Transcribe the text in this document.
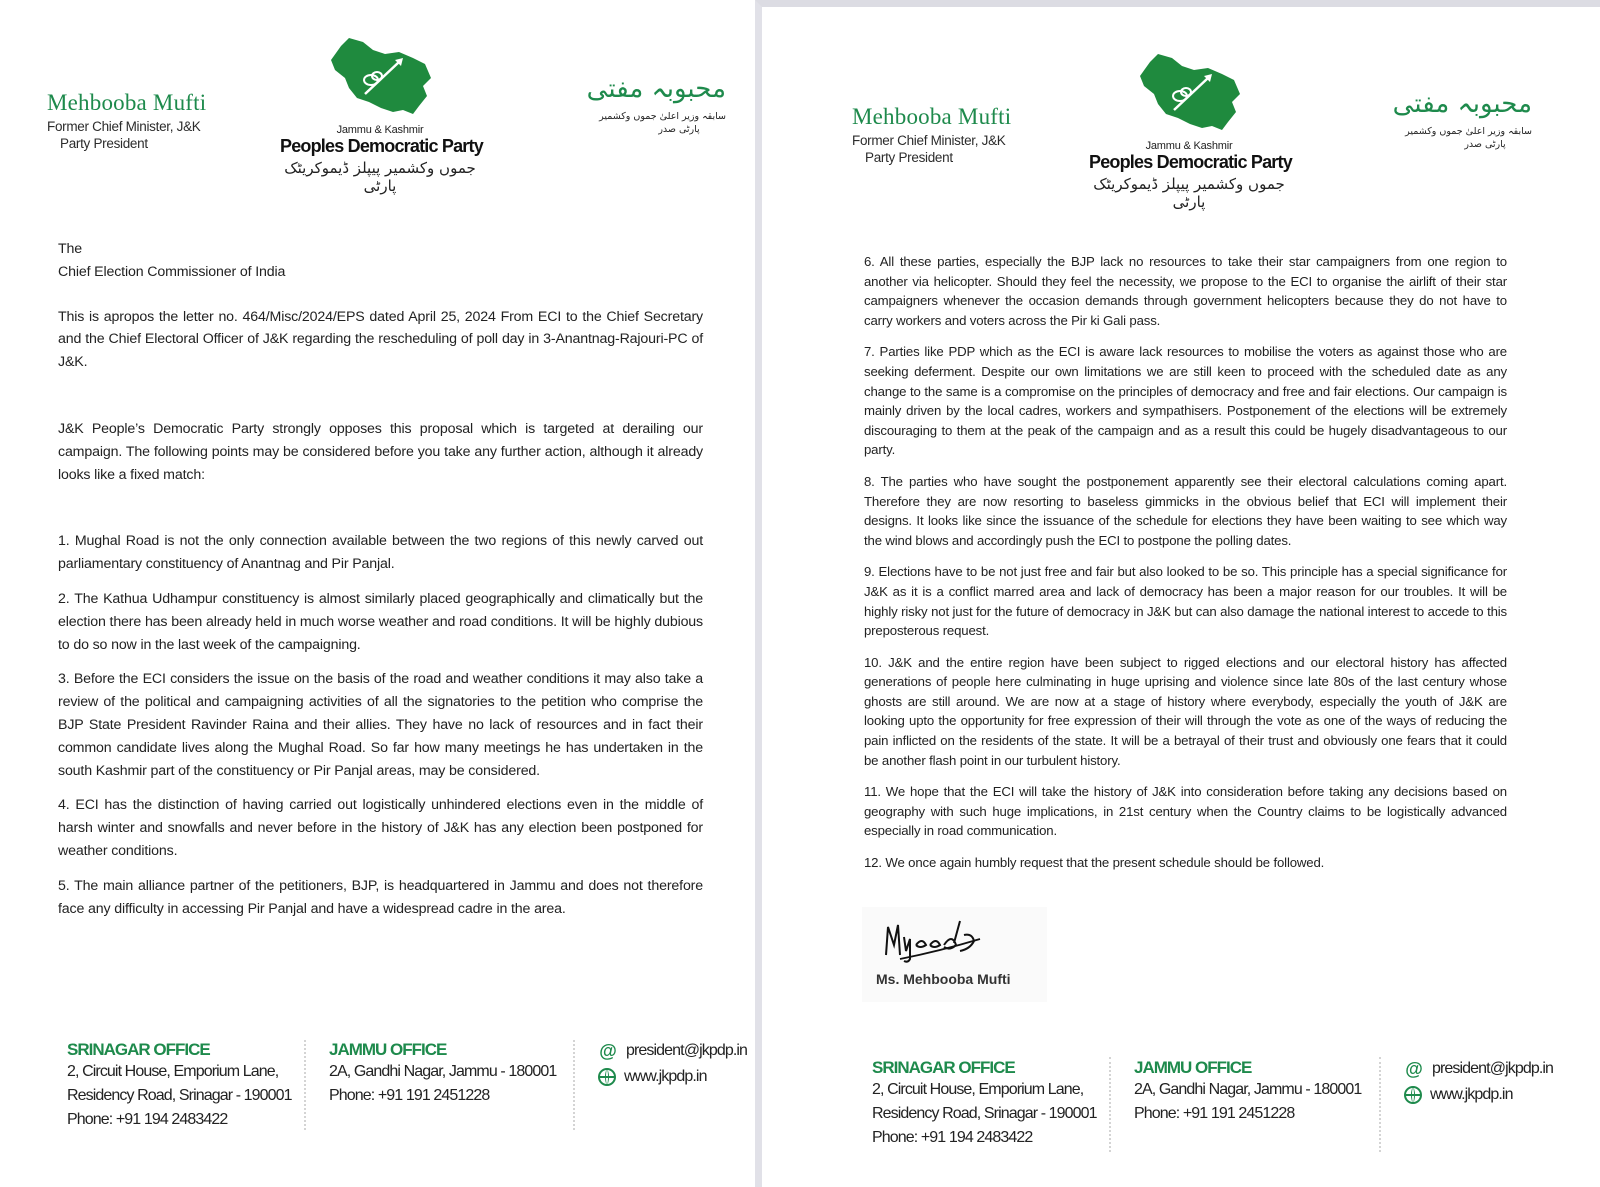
Mehbooba Mufti
Former Chief Minister, J&K
Party President
Jammu & Kashmir
Peoples Democratic Party
جموں وکشمیر پیپلز ڈیموکریٹک پارٹی
محبوبہ مفتی
سابقہ وزیر اعلیٰ جموں وکشمیر
پارٹی صدر

The

Chief Election Commissioner of India

This is apropos the letter no. 464/Misc/2024/EPS dated April 25, 2024 From ECI to the Chief Secretary and the Chief Electoral Officer of J&K regarding the rescheduling of poll day in 3-Anantnag-Rajouri-PC of J&K.

J&K People’s Democratic Party strongly opposes this proposal which is targeted at derailing our campaign. The following points may be considered before you take any further action, although it already looks like a fixed match:

1. Mughal Road is not the only connection available between the two regions of this newly carved out parliamentary constituency of Anantnag and Pir Panjal.

2. The Kathua Udhampur constituency is almost similarly placed geographically and climatically but the election there has been already held in much worse weather and road conditions. It will be highly dubious to do so now in the last week of the campaigning.

3. Before the ECI considers the issue on the basis of the road and weather conditions it may also take a review of the political and campaigning activities of all the signatories to the petition who comprise the BJP State President Ravinder Raina and their allies. They have no lack of resources and in fact their common candidate lives along the Mughal Road. So far how many meetings he has undertaken in the south Kashmir part of the constituency or Pir Panjal areas, may be considered.

4. ECI has the distinction of having carried out logistically unhindered elections even in the middle of harsh winter and snowfalls and never before in the history of J&K has any election been postponed for weather conditions.

5. The main alliance partner of the petitioners, BJP, is headquartered in Jammu and does not therefore face any difficulty in accessing Pir Panjal and have a widespread cadre in the area.

SRINAGAR OFFICE
2, Circuit House, Emporium Lane,
Residency Road, Srinagar - 190001
Phone: +91 194 2483422
JAMMU OFFICE
2A, Gandhi Nagar, Jammu - 180001
Phone: +91 191 2451228
@ president@jkpdp.in
www.jkpdp.in
Mehbooba Mufti
Former Chief Minister, J&K
Party President
Jammu & Kashmir
Peoples Democratic Party
جموں وکشمیر پیپلز ڈیموکریٹک پارٹی
محبوبہ مفتی
سابقہ وزیر اعلیٰ جموں وکشمیر
پارٹی صدر

6. All these parties, especially the BJP lack no resources to take their star campaigners from one region to another via helicopter. Should they feel the necessity, we propose to the ECI to organise the airlift of their star campaigners whenever the occasion demands through government helicopters because they do not have to carry workers and voters across the Pir ki Gali pass.

7. Parties like PDP which as the ECI is aware lack resources to mobilise the voters as against those who are seeking deferment. Despite our own limitations we are still keen to proceed with the scheduled date as any change to the same is a compromise on the principles of democracy and free and fair elections. Our campaign is mainly driven by the local cadres, workers and sympathisers. Postponement of the elections will be extremely discouraging to them at the peak of the campaign and as a result this could be hugely disadvantageous to our party.

8. The parties who have sought the postponement apparently see their electoral calculations coming apart. Therefore they are now resorting to baseless gimmicks in the obvious belief that ECI will implement their designs. It looks like since the issuance of the schedule for elections they have been waiting to see which way the wind blows and accordingly push the ECI to postpone the polling dates.

9. Elections have to be not just free and fair but also looked to be so. This principle has a special significance for J&K as it is a conflict marred area and lack of democracy has been a major reason for our troubles. It will be highly risky not just for the future of democracy in J&K but can also damage the national interest to accede to this preposterous request.

10. J&K and the entire region have been subject to rigged elections and our electoral history has affected generations of people here culminating in huge uprising and violence since late 80s of the last century whose ghosts are still around. We are now at a stage of history where everybody, especially the youth of J&K are looking upto the opportunity for free expression of their will through the vote as one of the ways of reducing the pain inflicted on the residents of the state. It will be a betrayal of their trust and obviously one fears that it could be another flash point in our turbulent history.

11. We hope that the ECI will take the history of J&K into consideration before taking any decisions based on geography with such huge implications, in 21st century when the Country claims to be logistically advanced especially in road communication.

12. We once again humbly request that the present schedule should be followed.

Ms. Mehbooba Mufti
SRINAGAR OFFICE
2, Circuit House, Emporium Lane,
Residency Road, Srinagar - 190001
Phone: +91 194 2483422
JAMMU OFFICE
2A, Gandhi Nagar, Jammu - 180001
Phone: +91 191 2451228
@ president@jkpdp.in
www.jkpdp.in
